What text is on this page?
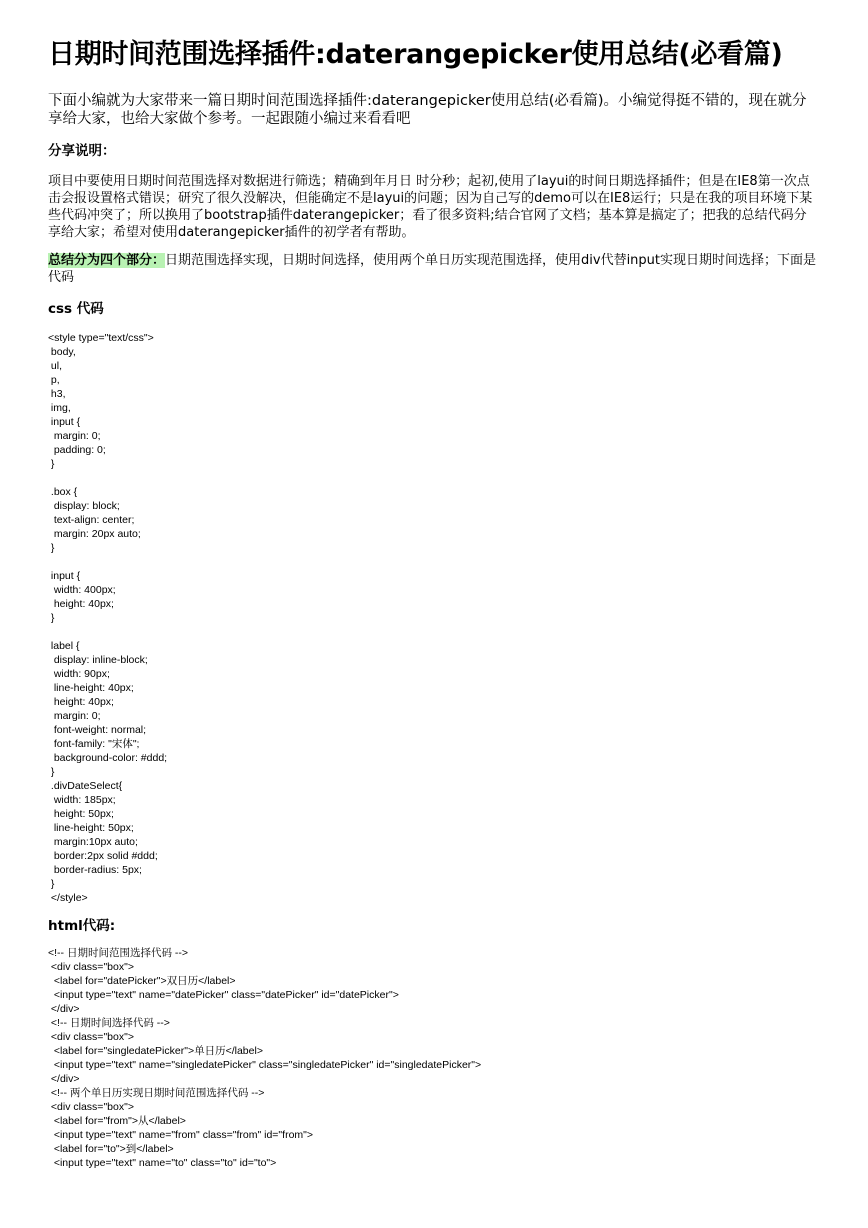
日期时间范围选择插件:daterangepicker使用总结(必看篇)

下面小编就为大家带来一篇日期时间范围选择插件:daterangepicker使用总结(必看篇)。小编觉得挺不错的，现在就分享给大家，也给大家做个参考。一起跟随小编过来看看吧

分享说明：

项目中要使用日期时间范围选择对数据进行筛选；精确到年月日 时分秒；起初,使用了layui的时间日期选择插件；但是在IE8第一次点击会报设置格式错误；研究了很久没解决，但能确定不是layui的问题；因为自己写的demo可以在IE8运行；只是在我的项目环境下某些代码冲突了；所以换用了bootstrap插件daterangepicker；看了很多资料;结合官网了文档；基本算是搞定了；把我的总结代码分享给大家；希望对使用daterangepicker插件的初学者有帮助。

总结分为四个部分：日期范围选择实现，日期时间选择，使用两个单日历实现范围选择，使用div代替input实现日期时间选择；下面是代码

css 代码
<style type="text/css">
body,
ul,
p,
h3,
img,
input {
margin: 0;
padding: 0;
}
.box {
display: block;
text-align: center;
margin: 20px auto;
}
input {
width: 400px;
height: 40px;
}
label {
display: inline-block;
width: 90px;
line-height: 40px;
height: 40px;
margin: 0;
font-weight: normal;
font-family: "宋体";
background-color: #ddd;
}
.divDateSelect{
width: 185px;
height: 50px;
line-height: 50px;
margin:10px auto;
border:2px solid #ddd;
border-radius: 5px;
}
</style>
html代码:
<!-- 日期时间范围选择代码 -->
<div class="box">
<label for="datePicker">双日历</label>
<input type="text" name="datePicker" class="datePicker" id="datePicker">
</div>
<!-- 日期时间选择代码 -->
<div class="box">
<label for="singledatePicker">单日历</label>
<input type="text" name="singledatePicker" class="singledatePicker" id="singledatePicker">
</div>
<!-- 两个单日历实现日期时间范围选择代码 -->
<div class="box">
<label for="from">从</label>
<input type="text" name="from" class="from" id="from">
<label for="to">到</label>
<input type="text" name="to" class="to" id="to">
